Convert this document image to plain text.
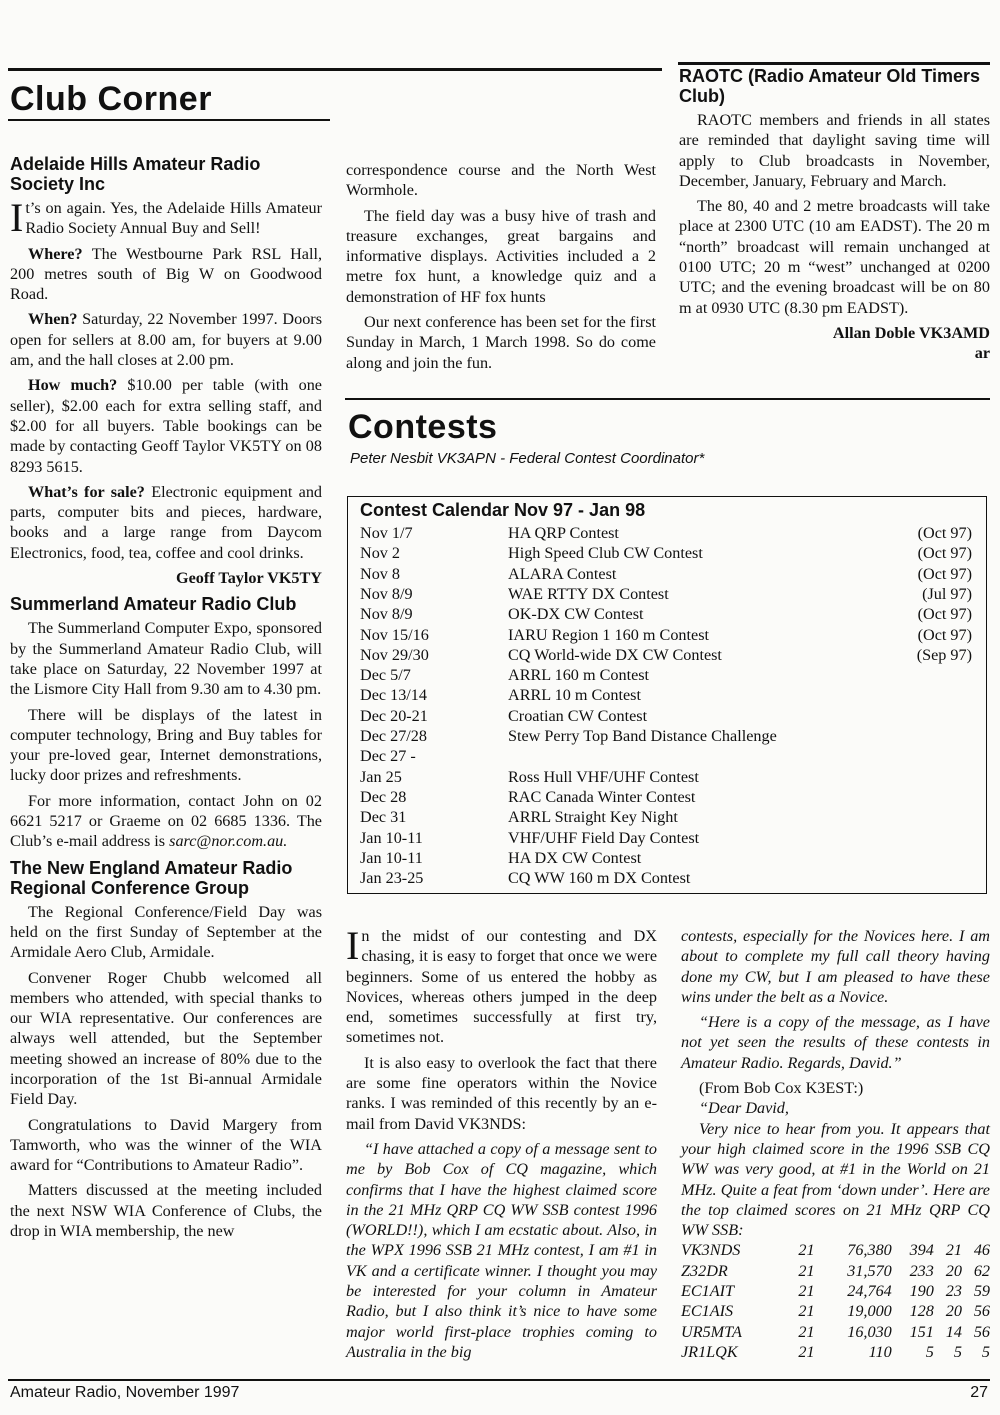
Club Corner
Adelaide Hills Amateur Radio Society Inc

It’s on again. Yes, the Adelaide Hills Amateur Radio Society Annual Buy and Sell!

Where? The Westbourne Park RSL Hall, 200 metres south of Big W on Goodwood Road.

When? Saturday, 22 November 1997. Doors open for sellers at 8.00 am, for buyers at 9.00 am, and the hall closes at 2.00 pm.

How much? $10.00 per table (with one seller), $2.00 each for extra selling staff, and $2.00 for all buyers. Table bookings can be made by contacting Geoff Taylor VK5TY on 08 8293 5615.

What’s for sale? Electronic equipment and parts, computer bits and pieces, hardware, books and a large range from Daycom Electronics, food, tea, coffee and cool drinks.

Geoff Taylor VK5TY

Summerland Amateur Radio Club

The Summerland Computer Expo, sponsored by the Summerland Amateur Radio Club, will take place on Saturday, 22 November 1997 at the Lismore City Hall from 9.30 am to 4.30 pm.

There will be displays of the latest in computer technology, Bring and Buy tables for your pre-loved gear, Internet demonstrations, lucky door prizes and refreshments.

For more information, contact John on 02 6621 5217 or Graeme on 02 6685 1336. The Club’s e-mail address is sarc@nor.com.au.

The New England Amateur Radio Regional Conference Group

The Regional Conference/Field Day was held on the first Sunday of September at the Armidale Aero Club, Armidale.

Convener Roger Chubb welcomed all members who attended, with special thanks to our WIA representative. Our conferences are always well attended, but the September meeting showed an increase of 80% due to the incorporation of the 1st Bi-annual Armidale Field Day.

Congratulations to David Margery from Tamworth, who was the winner of the WIA award for “Contributions to Amateur Radio”.

Matters discussed at the meeting included the next NSW WIA Conference of Clubs, the drop in WIA membership, the new

correspondence course and the North West Wormhole.

The field day was a busy hive of trash and treasure exchanges, great bargains and informative displays. Activities included a 2 metre fox hunt, a knowledge quiz and a demonstration of HF fox hunts

Our next conference has been set for the first Sunday in March, 1 March 1998. So do come along and join the fun.

RAOTC (Radio Amateur Old Timers Club)

RAOTC members and friends in all states are reminded that daylight saving time will apply to Club broadcasts in November, December, January, February and March.

The 80, 40 and 2 metre broadcasts will take place at 2300 UTC (10 am EADST). The 20 m “north” broadcast will remain unchanged at 0100 UTC; 20 m “west” unchanged at 0200 UTC; and the evening broadcast will be on 80 m at 0930 UTC (8.30 pm EADST).

Allan Doble VK3AMD

ar

Contests
Peter Nesbit VK3APN - Federal Contest Coordinator*
Contest Calendar Nov 97 - Jan 98
Nov 1/7	HA QRP Contest	(Oct 97)
Nov 2	High Speed Club CW Contest	(Oct 97)
Nov 8	ALARA Contest	(Oct 97)
Nov 8/9	WAE RTTY DX Contest	(Jul 97)
Nov 8/9	OK-DX CW Contest	(Oct 97)
Nov 15/16	IARU Region 1 160 m Contest	(Oct 97)
Nov 29/30	CQ World-wide DX CW Contest	(Sep 97)
Dec 5/7	ARRL 160 m Contest
Dec 13/14	ARRL 10 m Contest
Dec 20-21	Croatian CW Contest
Dec 27/28	Stew Perry Top Band Distance Challenge
Dec 27 -
Jan 25	Ross Hull VHF/UHF Contest
Dec 28	RAC Canada Winter Contest
Dec 31	ARRL Straight Key Night
Jan 10-11	VHF/UHF Field Day Contest
Jan 10-11	HA DX CW Contest
Jan 23-25	CQ WW 160 m DX Contest

In the midst of our contesting and DX chasing, it is easy to forget that once we were beginners. Some of us entered the hobby as Novices, whereas others jumped in the deep end, sometimes successfully at first try, sometimes not.

It is also easy to overlook the fact that there are some fine operators within the Novice ranks. I was reminded of this recently by an e-mail from David VK3NDS:

“I have attached a copy of a message sent to me by Bob Cox of CQ magazine, which confirms that I have the highest claimed score in the 21 MHz QRP CQ WW SSB contest 1996 (WORLD!!), which I am ecstatic about. Also, in the WPX 1996 SSB 21 MHz contest, I am #1 in VK and a certificate winner. I thought you may be interested for your column in Amateur Radio, but I also think it’s nice to have some major world first-place trophies coming to Australia in the big

contests, especially for the Novices here. I am about to complete my full call theory having done my CW, but I am pleased to have these wins under the belt as a Novice.

“Here is a copy of the message, as I have not yet seen the results of these contests in Amateur Radio. Regards, David.”

(From Bob Cox K3EST:)

“Dear David,

Very nice to hear from you. It appears that your high claimed score in the 1996 SSB CQ WW was very good, at #1 in the World on 21 MHz. Quite a feat from ‘down under’. Here are the top claimed scores on 21 MHz QRP CQ WW SSB:

VK3NDS	21	76,380	394	21	46
Z32DR	21	31,570	233	20	62
EC1AIT	21	24,764	190	23	59
EC1AIS	21	19,000	128	20	56
UR5MTA	21	16,030	151	14	56
JR1LQK	21	110	5	5	5
Amateur Radio, November 1997	27
